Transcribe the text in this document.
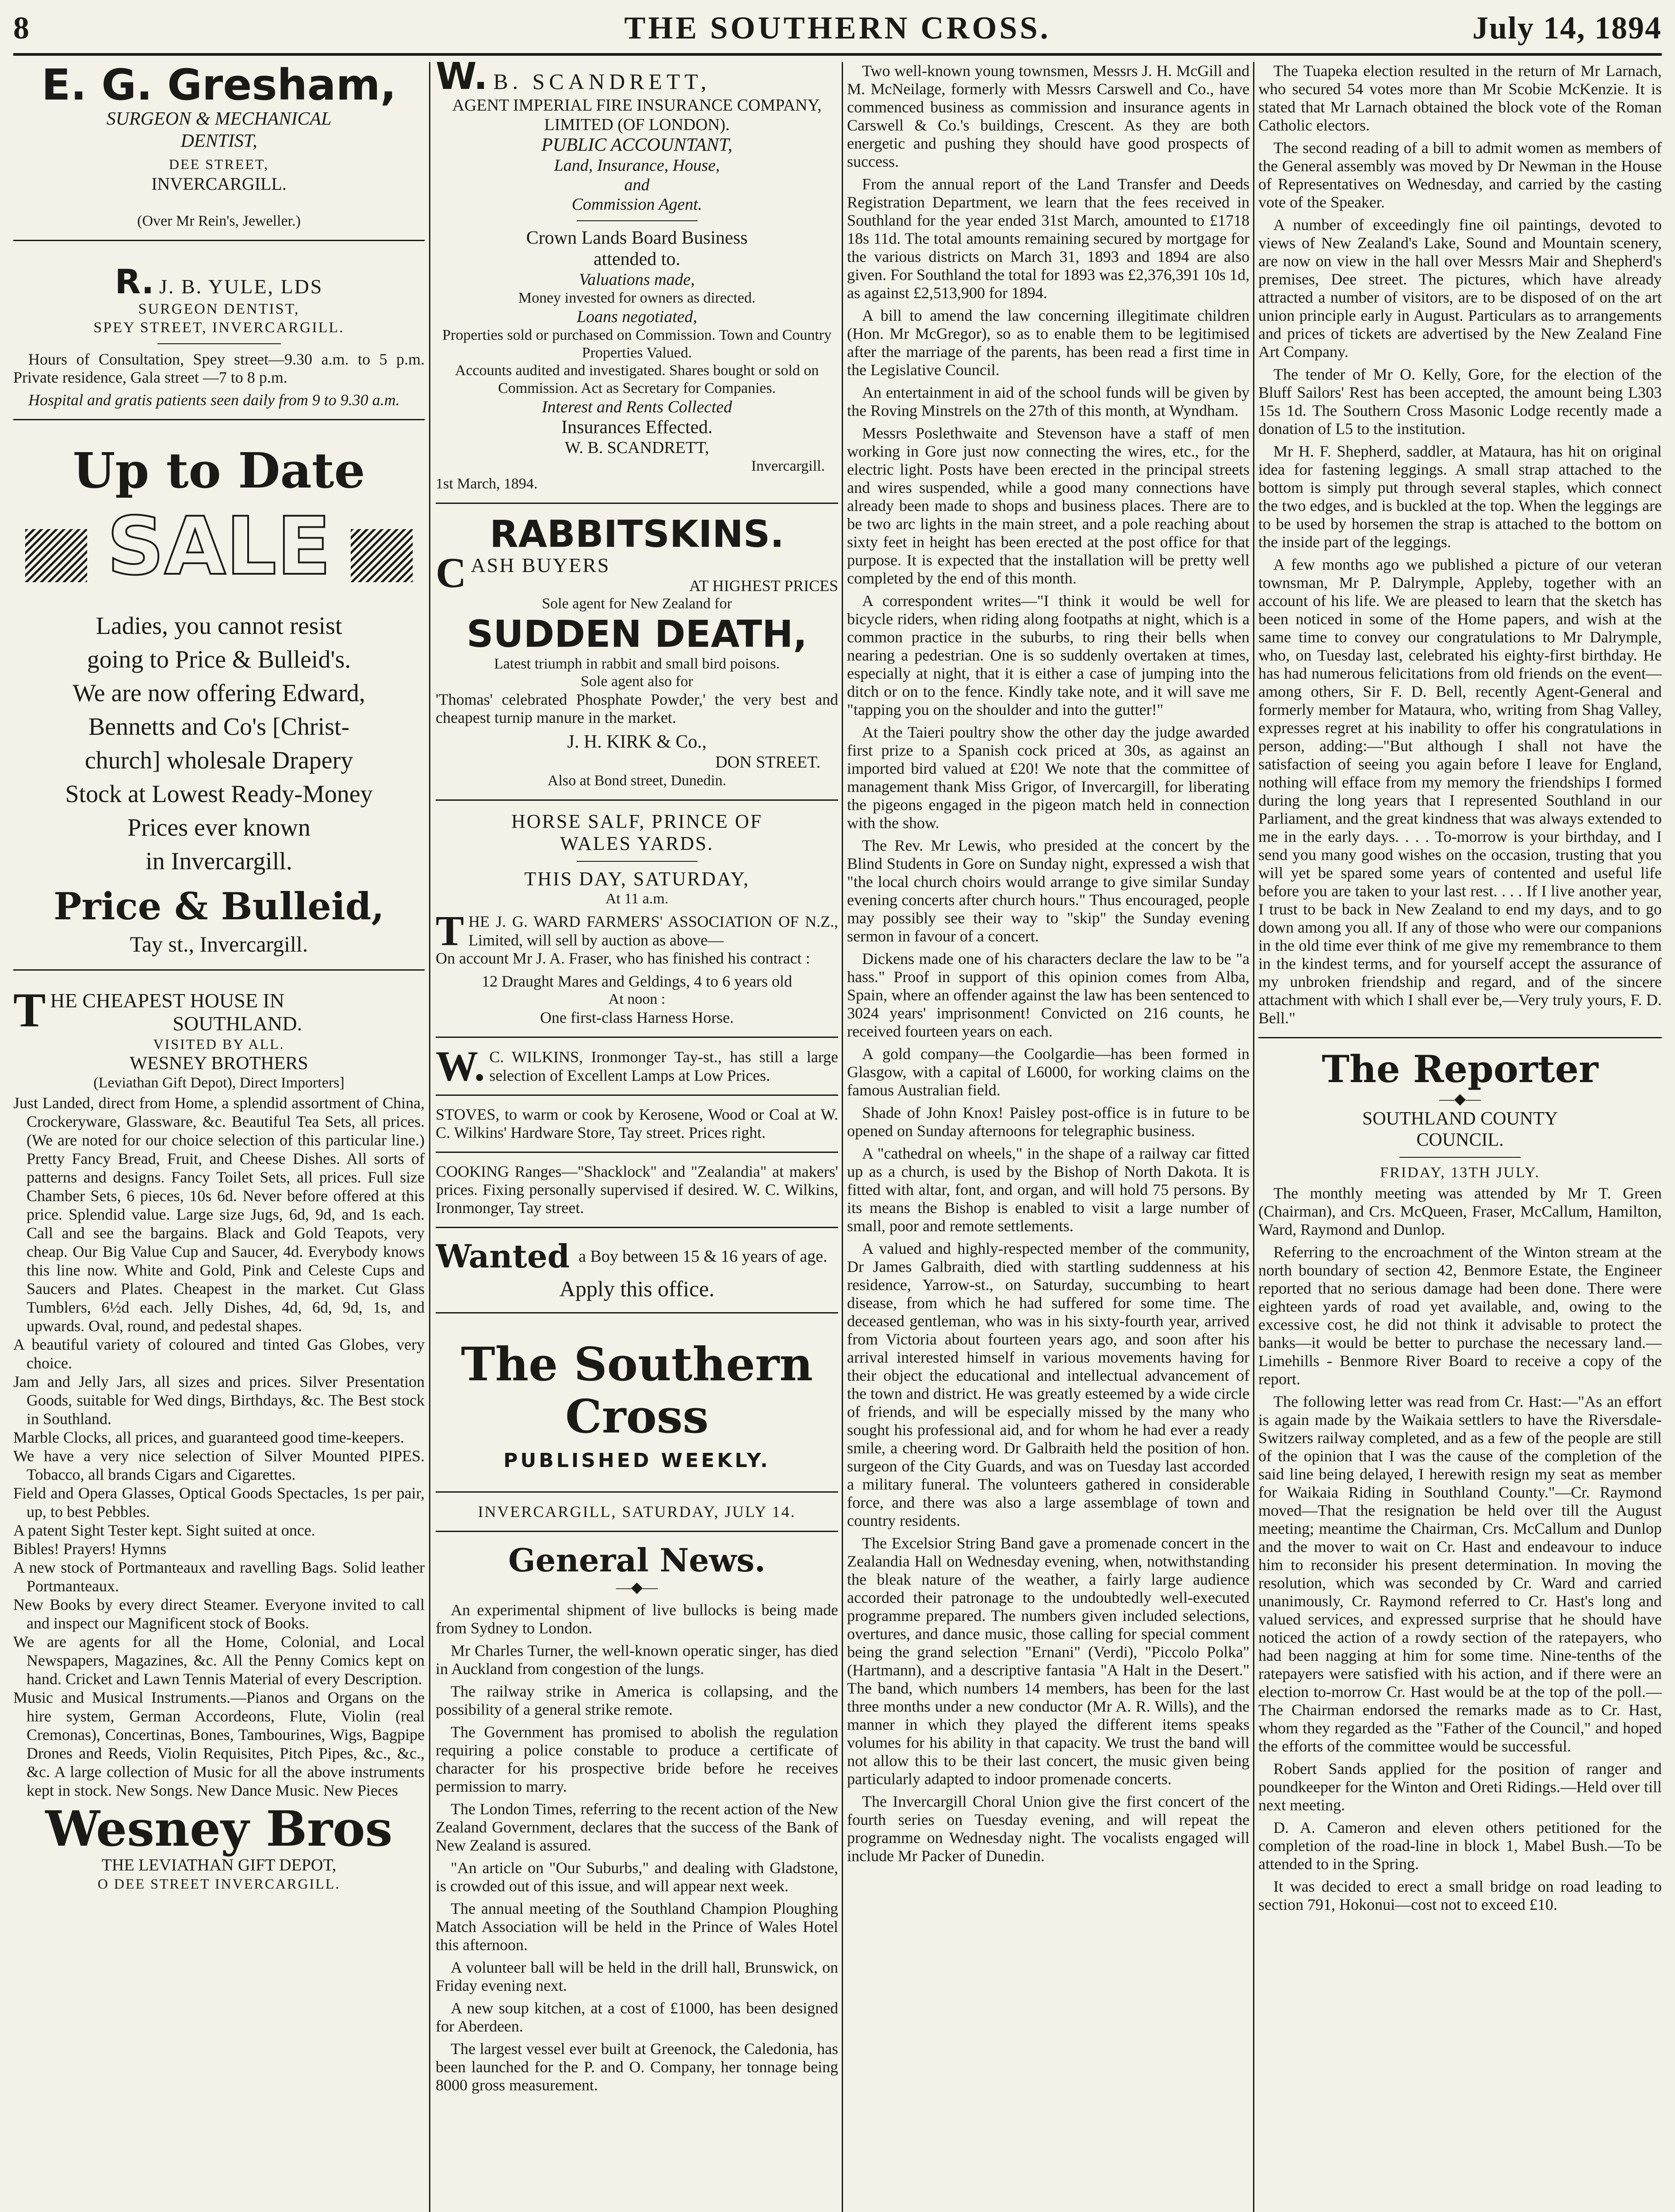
8	THE SOUTHERN CROSS.	July 14, 1894

E. G. Gresham,

SURGEON & MECHANICAL

DENTIST,

DEE STREET,

INVERCARGILL.

(Over Mr Rein's, Jeweller.)

R. J. B. YULE, LDS

SURGEON DENTIST,

SPEY STREET, INVERCARGILL.

Hours of Consultation, Spey street—9.30 a.m. to 5 p.m. Private residence, Gala street —7 to 8 p.m.

Hospital and gratis patients seen daily from 9 to 9.30 a.m.

Up to Date

SALE

Ladies, you cannot resist

going to Price & Bulleid's.

We are now offering Edward,

Bennetts and Co's [Christ-

church] wholesale Drapery

Stock at Lowest Ready-Money

Prices ever known

in Invercargill.

Price & Bulleid,

Tay st., Invercargill.

THE CHEAPEST HOUSE IN

SOUTHLAND.

VISITED BY ALL.

WESNEY BROTHERS

(Leviathan Gift Depot), Direct Importers]

Just Landed, direct from Home, a splendid assortment of China, Crockeryware, Glassware, &c. Beautiful Tea Sets, all prices. (We are noted for our choice selection of this particular line.) Pretty Fancy Bread, Fruit, and Cheese Dishes. All sorts of patterns and designs. Fancy Toilet Sets, all prices. Full size Chamber Sets, 6 pieces, 10s 6d. Never before offered at this price. Splendid value. Large size Jugs, 6d, 9d, and 1s each. Call and see the bargains. Black and Gold Teapots, very cheap. Our Big Value Cup and Saucer, 4d. Everybody knows this line now. White and Gold, Pink and Celeste Cups and Saucers and Plates. Cheapest in the market. Cut Glass Tumblers, 6½d each. Jelly Dishes, 4d, 6d, 9d, 1s, and upwards. Oval, round, and pedestal shapes.

A beautiful variety of coloured and tinted Gas Globes, very choice.

Jam and Jelly Jars, all sizes and prices. Silver Presentation Goods, suitable for Wed dings, Birthdays, &c. The Best stock in Southland.

Marble Clocks, all prices, and guaranteed good time-keepers.

We have a very nice selection of Silver Mounted PIPES. Tobacco, all brands Cigars and Cigarettes.

Field and Opera Glasses, Optical Goods Spectacles, 1s per pair, up, to best Pebbles.

A patent Sight Tester kept. Sight suited at once.

Bibles! Prayers! Hymns

A new stock of Portmanteaux and ravelling Bags. Solid leather Portmanteaux.

New Books by every direct Steamer. Everyone invited to call and inspect our Magnificent stock of Books.

We are agents for all the Home, Colonial, and Local Newspapers, Magazines, &c. All the Penny Comics kept on hand. Cricket and Lawn Tennis Material of every Description.

Music and Musical Instruments.—Pianos and Organs on the hire system, German Accordeons, Flute, Violin (real Cremonas), Concertinas, Bones, Tambourines, Wigs, Bagpipe Drones and Reeds, Violin Requisites, Pitch Pipes, &c., &c., &c. A large collection of Music for all the above instruments kept in stock. New Songs. New Dance Music. New Pieces

Wesney Bros

THE LEVIATHAN GIFT DEPOT,

O DEE STREET INVERCARGILL.

W. B. SCANDRETT,

AGENT IMPERIAL FIRE INSURANCE COMPANY, LIMITED (OF LONDON).

PUBLIC ACCOUNTANT,

Land, Insurance, House,

and

Commission Agent.

Crown Lands Board Business

attended to.

Valuations made,

Money invested for owners as directed.

Loans negotiated,

Properties sold or purchased on Commission. Town and Country Properties Valued.

Accounts audited and investigated. Shares bought or sold on Commission. Act as Secretary for Companies.

Interest and Rents Collected

Insurances Effected.

W. B. SCANDRETT,

Invercargill.

1st March, 1894.

RABBITSKINS.

CASH BUYERS

AT HIGHEST PRICES

Sole agent for New Zealand for

SUDDEN DEATH,

Latest triumph in rabbit and small bird poisons.

Sole agent also for

'Thomas' celebrated Phosphate Powder,' the very best and cheapest turnip manure in the market.

J. H. KIRK & Co.,

DON STREET.

Also at Bond street, Dunedin.

HORSE SALF, PRINCE OF

WALES YARDS.

THIS DAY, SATURDAY,

At 11 a.m.

THE J. G. WARD FARMERS' ASSOCIATION OF N.Z., Limited, will sell by auction as above—

On account Mr J. A. Fraser, who has finished his contract :

12 Draught Mares and Geldings, 4 to 6 years old

At noon :

One first-class Harness Horse.

W. C. WILKINS, Ironmonger Tay-st., has still a large selection of Excellent Lamps at Low Prices.

STOVES, to warm or cook by Kerosene, Wood or Coal at W. C. Wilkins' Hardware Store, Tay street. Prices right.

COOKING Ranges—"Shacklock" and "Zealandia" at makers' prices. Fixing personally supervised if desired. W. C. Wilkins, Ironmonger, Tay street.

Wanted a Boy between 15 & 16 years of age.

Apply this office.

The Southern Cross

PUBLISHED WEEKLY.

INVERCARGILL, SATURDAY, JULY 14.

General News.

—◆—

An experimental shipment of live bullocks is being made from Sydney to London.

Mr Charles Turner, the well-known operatic singer, has died in Auckland from congestion of the lungs.

The railway strike in America is collapsing, and the possibility of a general strike remote.

The Government has promised to abolish the regulation requiring a police constable to produce a certificate of character for his prospective bride before he receives permission to marry.

The London Times, referring to the recent action of the New Zealand Government, declares that the success of the Bank of New Zealand is assured.

"An article on "Our Suburbs," and dealing with Gladstone, is crowded out of this issue, and will appear next week.

The annual meeting of the Southland Champion Ploughing Match Association will be held in the Prince of Wales Hotel this afternoon.

A volunteer ball will be held in the drill hall, Brunswick, on Friday evening next.

A new soup kitchen, at a cost of £1000, has been designed for Aberdeen.

The largest vessel ever built at Greenock, the Caledonia, has been launched for the P. and O. Company, her tonnage being 8000 gross measurement.

Two well-known young townsmen, Messrs J. H. McGill and M. McNeilage, formerly with Messrs Carswell and Co., have commenced business as commission and insurance agents in Carswell & Co.'s buildings, Crescent. As they are both energetic and pushing they should have good prospects of success.

From the annual report of the Land Transfer and Deeds Registration Department, we learn that the fees received in Southland for the year ended 31st March, amounted to £1718 18s 11d. The total amounts remaining secured by mortgage for the various districts on March 31, 1893 and 1894 are also given. For Southland the total for 1893 was £2,376,391 10s 1d, as against £2,513,900 for 1894.

A bill to amend the law concerning illegitimate children (Hon. Mr McGregor), so as to enable them to be legitimised after the marriage of the parents, has been read a first time in the Legislative Council.

An entertainment in aid of the school funds will be given by the Roving Minstrels on the 27th of this month, at Wyndham.

Messrs Poslethwaite and Stevenson have a staff of men working in Gore just now connecting the wires, etc., for the electric light. Posts have been erected in the principal streets and wires suspended, while a good many connections have already been made to shops and business places. There are to be two arc lights in the main street, and a pole reaching about sixty feet in height has been erected at the post office for that purpose. It is expected that the installation will be pretty well completed by the end of this month.

A correspondent writes—"I think it would be well for bicycle riders, when riding along footpaths at night, which is a common practice in the suburbs, to ring their bells when nearing a pedestrian. One is so suddenly overtaken at times, especially at night, that it is either a case of jumping into the ditch or on to the fence. Kindly take note, and it will save me "tapping you on the shoulder and into the gutter!"

At the Taieri poultry show the other day the judge awarded first prize to a Spanish cock priced at 30s, as against an imported bird valued at £20! We note that the committee of management thank Miss Grigor, of Invercargill, for liberating the pigeons engaged in the pigeon match held in connection with the show.

The Rev. Mr Lewis, who presided at the concert by the Blind Students in Gore on Sunday night, expressed a wish that "the local church choirs would arrange to give similar Sunday evening concerts after church hours." Thus encouraged, people may possibly see their way to "skip" the Sunday evening sermon in favour of a concert.

Dickens made one of his characters declare the law to be "a hass." Proof in support of this opinion comes from Alba, Spain, where an offender against the law has been sentenced to 3024 years' imprisonment! Convicted on 216 counts, he received fourteen years on each.

A gold company—the Coolgardie—has been formed in Glasgow, with a capital of L6000, for working claims on the famous Australian field.

Shade of John Knox! Paisley post-office is in future to be opened on Sunday afternoons for telegraphic business.

A "cathedral on wheels," in the shape of a railway car fitted up as a church, is used by the Bishop of North Dakota. It is fitted with altar, font, and organ, and will hold 75 persons. By its means the Bishop is enabled to visit a large number of small, poor and remote settlements.

A valued and highly-respected member of the community, Dr James Galbraith, died with startling suddenness at his residence, Yarrow-st., on Saturday, succumbing to heart disease, from which he had suffered for some time. The deceased gentleman, who was in his sixty-fourth year, arrived from Victoria about fourteen years ago, and soon after his arrival interested himself in various movements having for their object the educational and intellectual advancement of the town and district. He was greatly esteemed by a wide circle of friends, and will be especially missed by the many who sought his professional aid, and for whom he had ever a ready smile, a cheering word. Dr Galbraith held the position of hon. surgeon of the City Guards, and was on Tuesday last accorded a military funeral. The volunteers gathered in considerable force, and there was also a large assemblage of town and country residents.

The Excelsior String Band gave a promenade concert in the Zealandia Hall on Wednesday evening, when, notwithstanding the bleak nature of the weather, a fairly large audience accorded their patronage to the undoubtedly well-executed programme prepared. The numbers given included selections, overtures, and dance music, those calling for special comment being the grand selection "Ernani" (Verdi), "Piccolo Polka" (Hartmann), and a descriptive fantasia "A Halt in the Desert." The band, which numbers 14 members, has been for the last three months under a new conductor (Mr A. R. Wills), and the manner in which they played the different items speaks volumes for his ability in that capacity. We trust the band will not allow this to be their last concert, the music given being particularly adapted to indoor promenade concerts.

The Invercargill Choral Union give the first concert of the fourth series on Tuesday evening, and will repeat the programme on Wednesday night. The vocalists engaged will include Mr Packer of Dunedin.

The Tuapeka election resulted in the return of Mr Larnach, who secured 54 votes more than Mr Scobie McKenzie. It is stated that Mr Larnach obtained the block vote of the Roman Catholic electors.

The second reading of a bill to admit women as members of the General assembly was moved by Dr Newman in the House of Representatives on Wednesday, and carried by the casting vote of the Speaker.

A number of exceedingly fine oil paintings, devoted to views of New Zealand's Lake, Sound and Mountain scenery, are now on view in the hall over Messrs Mair and Shepherd's premises, Dee street. The pictures, which have already attracted a number of visitors, are to be disposed of on the art union principle early in August. Particulars as to arrangements and prices of tickets are advertised by the New Zealand Fine Art Company.

The tender of Mr O. Kelly, Gore, for the election of the Bluff Sailors' Rest has been accepted, the amount being L303 15s 1d. The Southern Cross Masonic Lodge recently made a donation of L5 to the institution.

Mr H. F. Shepherd, saddler, at Mataura, has hit on original idea for fastening leggings. A small strap attached to the bottom is simply put through several staples, which connect the two edges, and is buckled at the top. When the leggings are to be used by horsemen the strap is attached to the bottom on the inside part of the leggings.

A few months ago we published a picture of our veteran townsman, Mr P. Dalrymple, Appleby, together with an account of his life. We are pleased to learn that the sketch has been noticed in some of the Home papers, and wish at the same time to convey our congratulations to Mr Dalrymple, who, on Tuesday last, celebrated his eighty-first birthday. He has had numerous felicitations from old friends on the event—among others, Sir F. D. Bell, recently Agent-General and formerly member for Mataura, who, writing from Shag Valley, expresses regret at his inability to offer his congratulations in person, adding:—"But although I shall not have the satisfaction of seeing you again before I leave for England, nothing will efface from my memory the friendships I formed during the long years that I represented Southland in our Parliament, and the great kindness that was always extended to me in the early days. . . . To-morrow is your birthday, and I send you many good wishes on the occasion, trusting that you will yet be spared some years of contented and useful life before you are taken to your last rest. . . . If I live another year, I trust to be back in New Zealand to end my days, and to go down among you all. If any of those who were our companions in the old time ever think of me give my remembrance to them in the kindest terms, and for yourself accept the assurance of my unbroken friendship and regard, and of the sincere attachment with which I shall ever be,—Very truly yours, F. D. Bell."

The Reporter

—◆—

SOUTHLAND COUNTY

COUNCIL.

FRIDAY, 13TH JULY.

The monthly meeting was attended by Mr T. Green (Chairman), and Crs. McQueen, Fraser, McCallum, Hamilton, Ward, Raymond and Dunlop.

Referring to the encroachment of the Winton stream at the north boundary of section 42, Benmore Estate, the Engineer reported that no serious damage had been done. There were eighteen yards of road yet available, and, owing to the excessive cost, he did not think it advisable to protect the banks—it would be better to purchase the necessary land.—Limehills - Benmore River Board to receive a copy of the report.

The following letter was read from Cr. Hast:—"As an effort is again made by the Waikaia settlers to have the Riversdale-Switzers railway completed, and as a few of the people are still of the opinion that I was the cause of the completion of the said line being delayed, I herewith resign my seat as member for Waikaia Riding in Southland County."—Cr. Raymond moved—That the resignation be held over till the August meeting; meantime the Chairman, Crs. McCallum and Dunlop and the mover to wait on Cr. Hast and endeavour to induce him to reconsider his present determination. In moving the resolution, which was seconded by Cr. Ward and carried unanimously, Cr. Raymond referred to Cr. Hast's long and valued services, and expressed surprise that he should have noticed the action of a rowdy section of the ratepayers, who had been nagging at him for some time. Nine-tenths of the ratepayers were satisfied with his action, and if there were an election to-morrow Cr. Hast would be at the top of the poll.—The Chairman endorsed the remarks made as to Cr. Hast, whom they regarded as the "Father of the Council," and hoped the efforts of the committee would be successful.

Robert Sands applied for the position of ranger and poundkeeper for the Winton and Oreti Ridings.—Held over till next meeting.

D. A. Cameron and eleven others petitioned for the completion of the road-line in block 1, Mabel Bush.—To be attended to in the Spring.

It was decided to erect a small bridge on road leading to section 791, Hokonui—cost not to exceed £10.
